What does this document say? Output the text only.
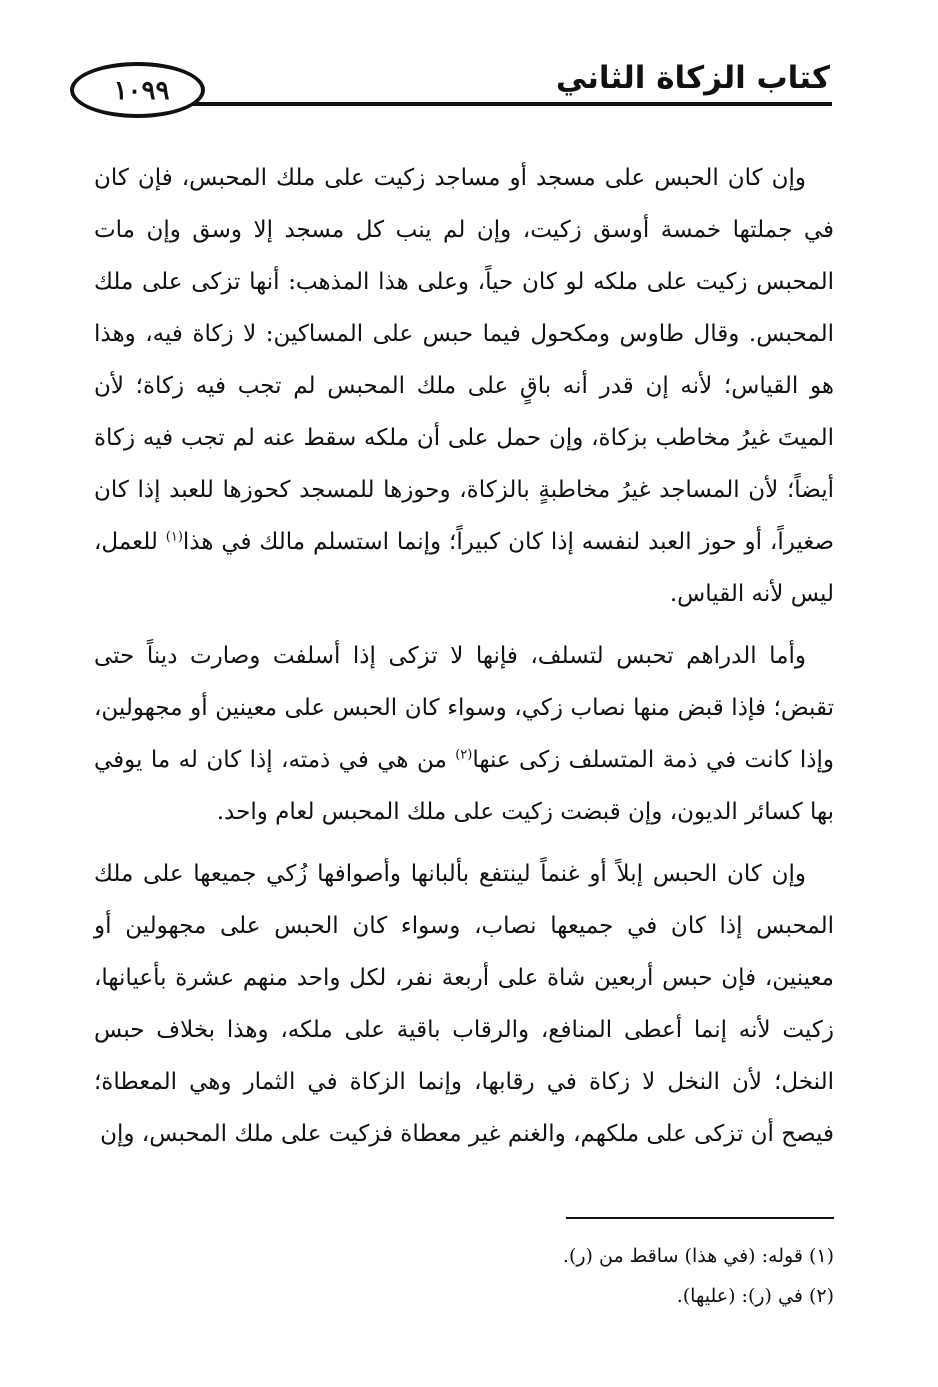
١٠٩٩	كتاب الزكاة الثاني

وإن كان الحبس على مسجد أو مساجد زكيت على ملك المحبس، فإن كان في جملتها خمسة أوسق زكيت، وإن لم ينب كل مسجد إلا وسق وإن مات المحبس زكيت على ملكه لو كان حياً، وعلى هذا المذهب: أنها تزكى على ملك المحبس. وقال طاوس ومكحول فيما حبس على المساكين: لا زكاة فيه، وهذا هو القياس؛ لأنه إن قدر أنه باقٍ على ملك المحبس لم تجب فيه زكاة؛ لأن الميتَ غيرُ مخاطب بزكاة، وإن حمل على أن ملكه سقط عنه لم تجب فيه زكاة أيضاً؛ لأن المساجد غيرُ مخاطبةٍ بالزكاة، وحوزها للمسجد كحوزها للعبد إذا كان صغيراً، أو حوز العبد لنفسه إذا كان كبيراً؛ وإنما استسلم مالك في هذا$^{(١)}$ للعمل، ليس لأنه القياس.

وأما الدراهم تحبس لتسلف، فإنها لا تزكى إذا أسلفت وصارت ديناً حتى تقبض؛ فإذا قبض منها نصاب زكي، وسواء كان الحبس على معينين أو مجهولين، وإذا كانت في ذمة المتسلف زكى عنها$^{(٢)}$ من هي في ذمته، إذا كان له ما يوفي بها كسائر الديون، وإن قبضت زكيت على ملك المحبس لعام واحد.

وإن كان الحبس إبلاً أو غنماً لينتفع بألبانها وأصوافها زُكي جميعها على ملك المحبس إذا كان في جميعها نصاب، وسواء كان الحبس على مجهولين أو معينين، فإن حبس أربعين شاة على أربعة نفر، لكل واحد منهم عشرة بأعيانها، زكيت لأنه إنما أعطى المنافع، والرقاب باقية على ملكه، وهذا بخلاف حبس النخل؛ لأن النخل لا زكاة في رقابها، وإنما الزكاة في الثمار وهي المعطاة؛ فيصح أن تزكى على ملكهم، والغنم غير معطاة فزكيت على ملك المحبس، وإن

(١) قوله: (في هذا) ساقط من (ر).

(٢) في (ر): (عليها).
